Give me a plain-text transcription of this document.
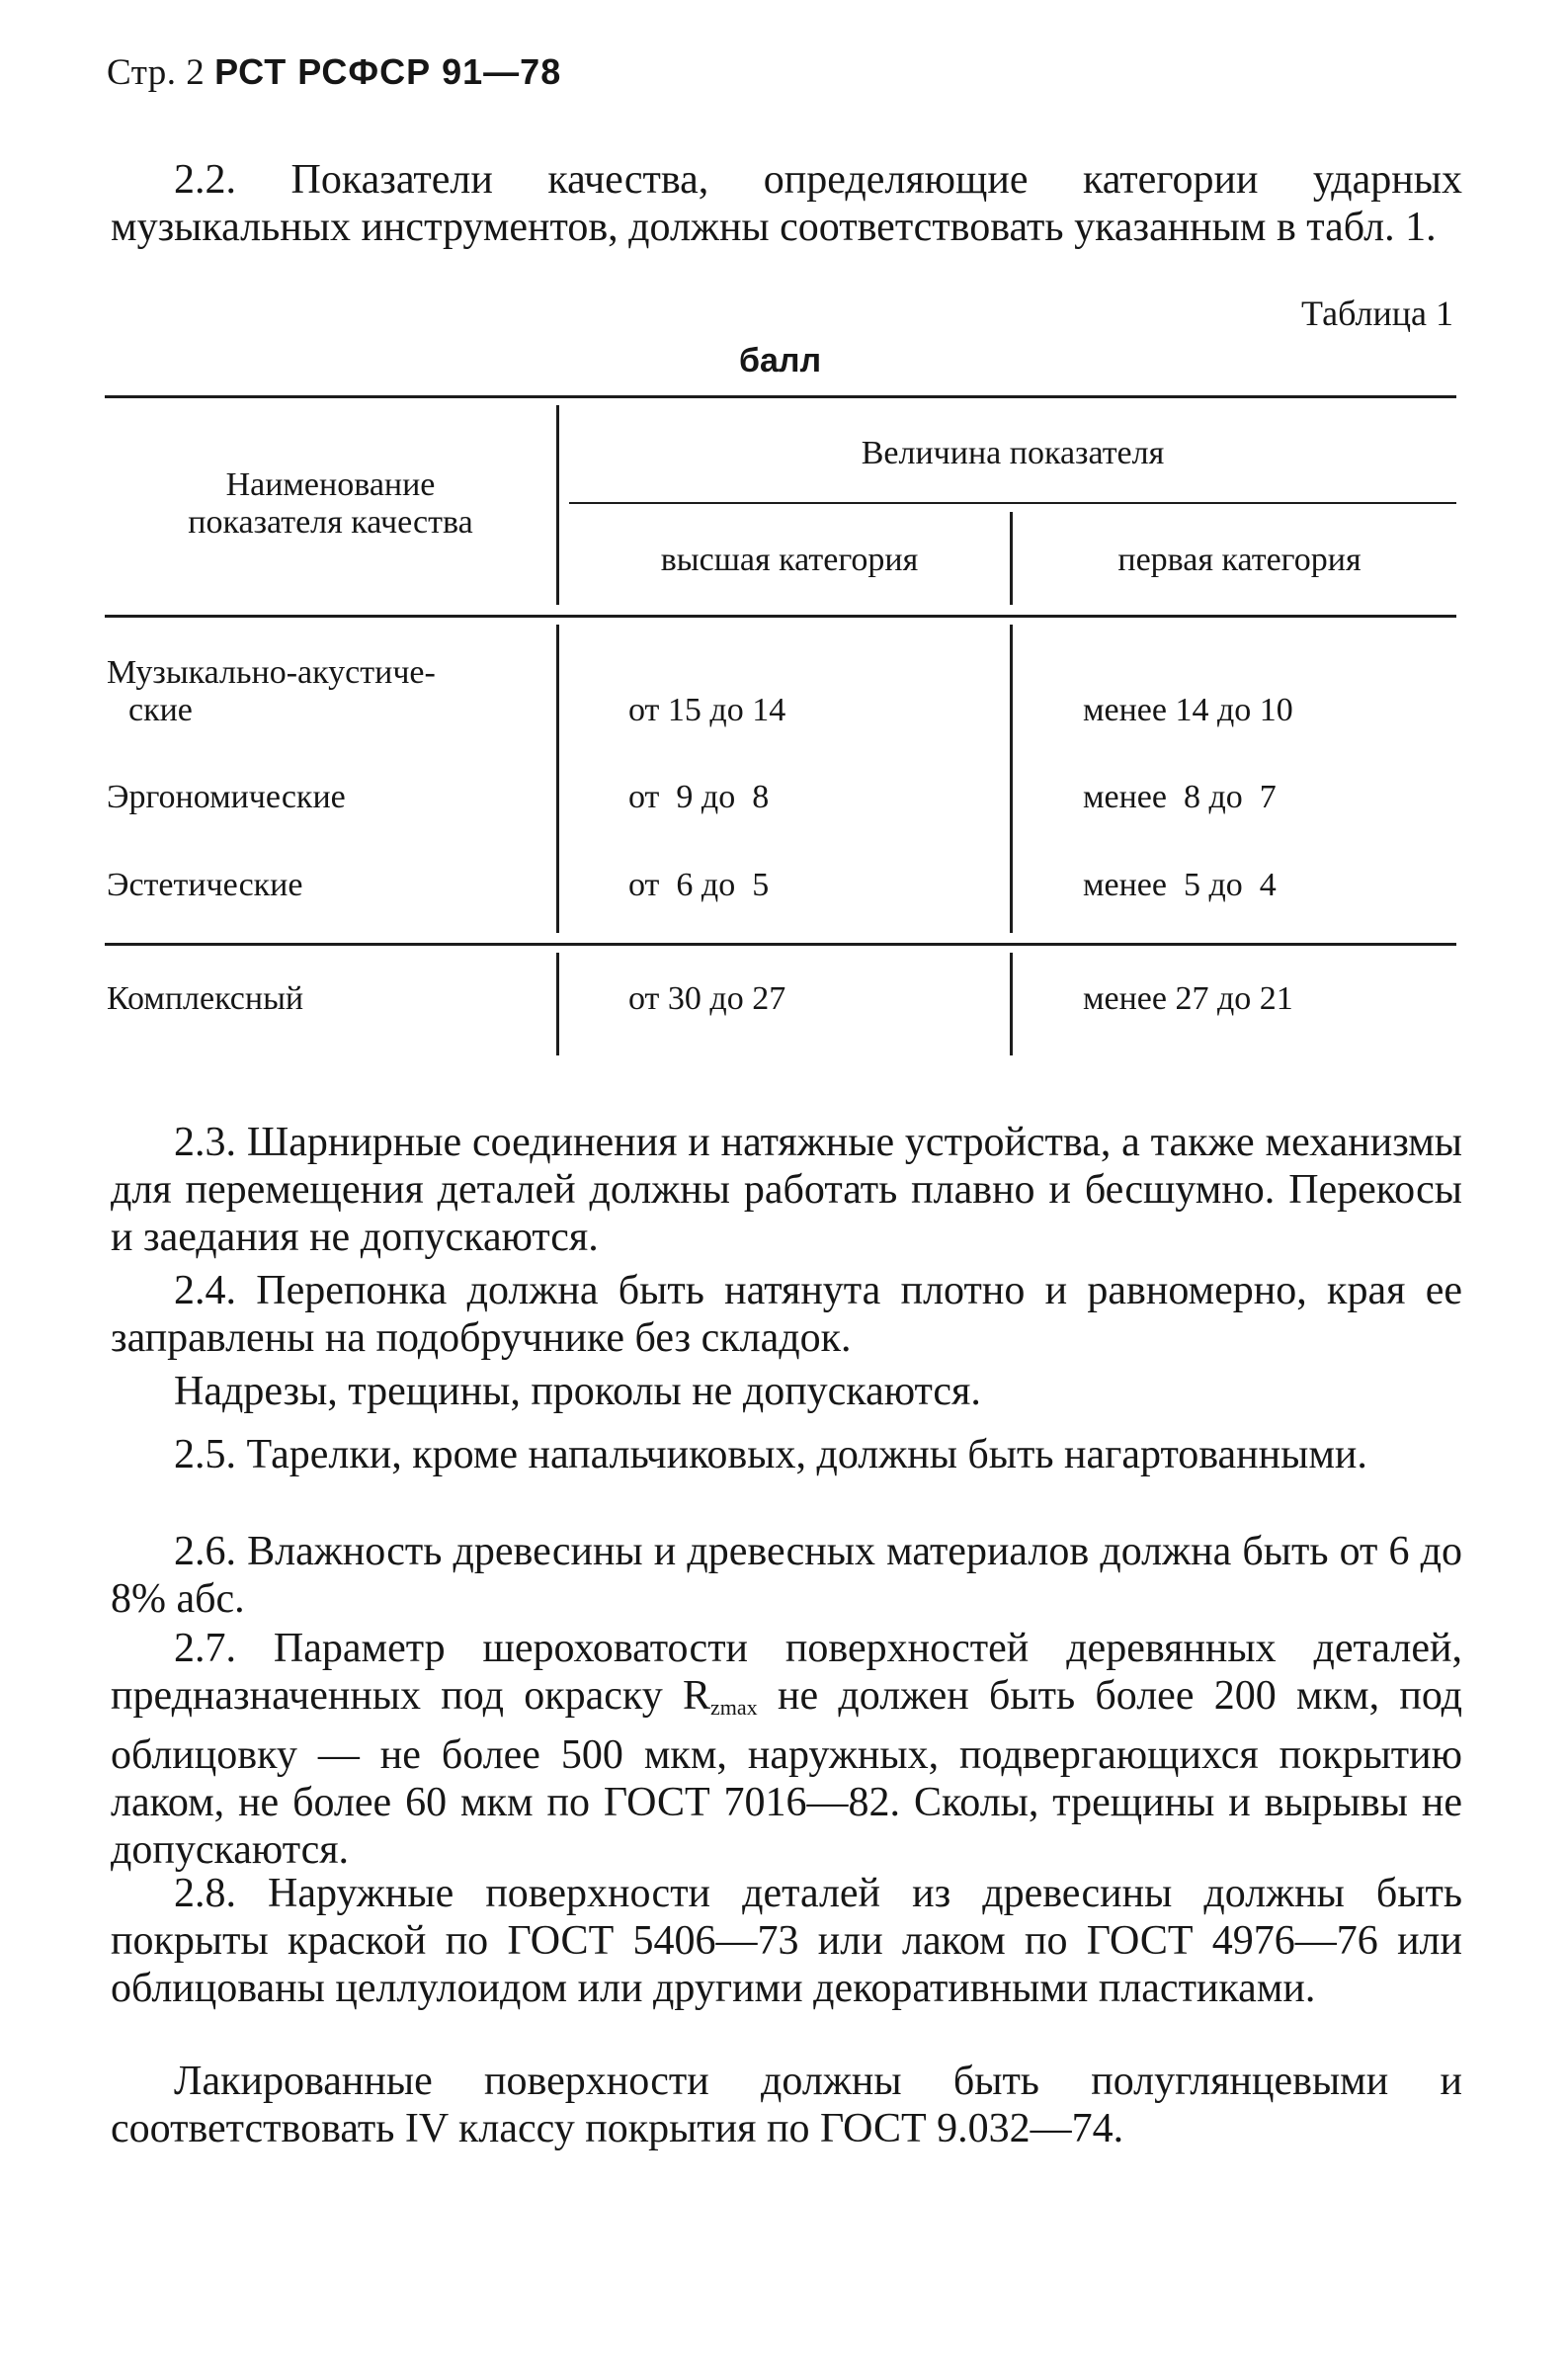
Стр. 2 РСТ РСФСР 91—78

2.2. Показатели качества, определяющие категории ударных музыкальных инструментов, должны соответствовать указанным в табл. 1.

Таблица 1
балл
Наименование
показателя качества
Величина показателя
высшая категория	первая категория
Музыкально-акустиче-
ские	от 15 до 14	менее 14 до 10
Эргономические	от  9 до  8	менее  8 до  7
Эстетические	от  6 до  5	менее  5 до  4
Комплексный	от 30 до 27	менее 27 до 21

2.3. Шарнирные соединения и натяжные устройства, а также механизмы для перемещения деталей должны работать плавно и бесшумно. Перекосы и заедания не допускаются.

2.4. Перепонка должна быть натянута плотно и равномерно, края ее заправлены на подобручнике без складок.

Надрезы, трещины, проколы не допускаются.

2.5. Тарелки, кроме напальчиковых, должны быть нагартованными.

2.6. Влажность древесины и древесных материалов должна быть от 6 до 8% абс.

2.7. Параметр шероховатости поверхностей деревянных деталей, предназначенных под окраску $R_{zmax}$ не должен быть более 200 мкм, под облицовку — не более 500 мкм, наружных, подвергающихся покрытию лаком, не более 60 мкм по ГОСТ 7016—82. Сколы, трещины и вырывы не допускаются.

2.8. Наружные поверхности деталей из древесины должны быть покрыты краской по ГОСТ 5406—73 или лаком по ГОСТ 4976—76 или облицованы целлулоидом или другими декоративными пластиками.

Лакированные поверхности должны быть полуглянцевыми и соответствовать IV классу покрытия по ГОСТ 9.032—74.
